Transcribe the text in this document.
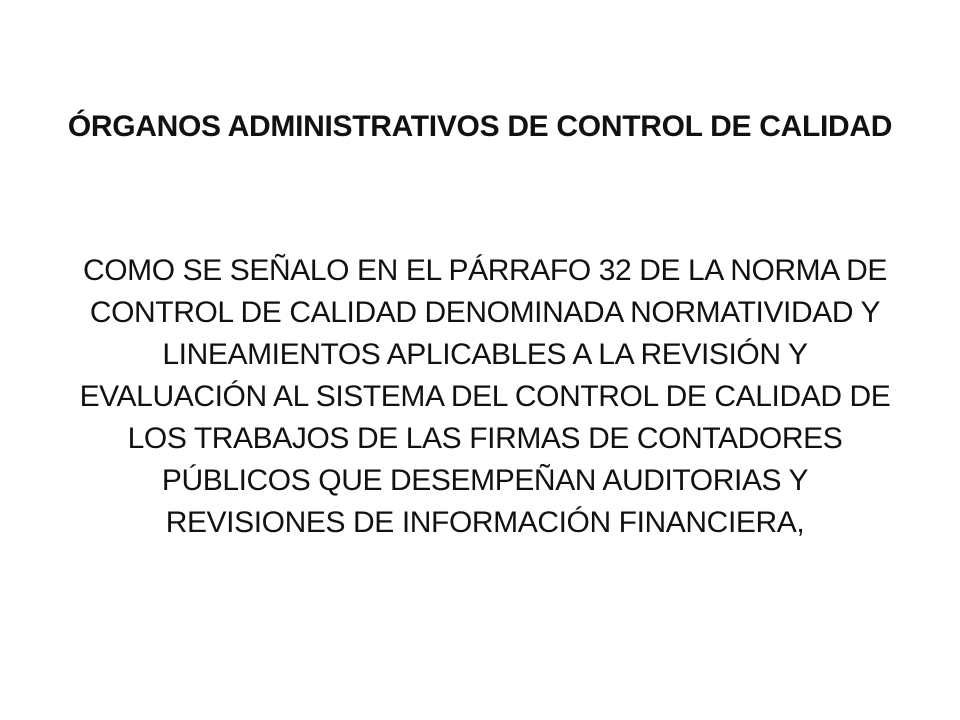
ÓRGANOS ADMINISTRATIVOS DE CONTROL DE CALIDAD

COMO SE SEÑALO EN EL PÁRRAFO 32 DE LA NORMA DE CONTROL DE CALIDAD DENOMINADA NORMATIVIDAD Y LINEAMIENTOS APLICABLES A LA REVISIÓN Y EVALUACIÓN AL SISTEMA DEL CONTROL DE CALIDAD DE LOS TRABAJOS DE LAS FIRMAS DE CONTADORES PÚBLICOS QUE DESEMPEÑAN AUDITORIAS Y REVISIONES DE INFORMACIÓN FINANCIERA,
